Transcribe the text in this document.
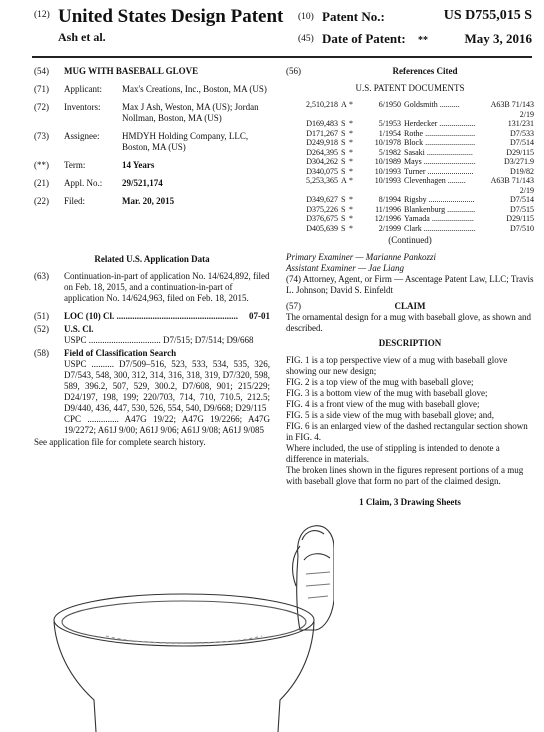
(12) United States Design Patent
Ash et al.
(10) Patent No.:	US D755,015 S
(45) Date of Patent: **	May 3, 2016
(54)	MUG WITH BASEBALL GLOVE
(71)	Applicant:	Max's Creations, Inc., Boston, MA (US)
(72)	Inventors:	Max J Ash, Weston, MA (US); Jordan Nollman, Boston, MA (US)
(73)	Assignee:	HMDYH Holding Company, LLC, Boston, MA (US)
(**)	Term:	14 Years
(21)	Appl. No.:	29/521,174
(22)	Filed:	Mar. 20, 2015
Related U.S. Application Data
(63)	Continuation-in-part of application No. 14/624,892, filed on Feb. 18, 2015, and a continuation-in-part of application No. 14/624,963, filed on Feb. 18, 2015.
(51)	LOC (10) Cl. ......................................................	07-01
(52)	U.S. Cl.
USPC ................................ D7/515; D7/514; D9/668
(58)	Field of Classification Search
USPC .......... D7/509–516, 523, 533, 534, 535, 326, D7/543, 548, 300, 312, 314, 316, 318, 319, D7/320, 598, 589, 396.2, 507, 529, 300.2, D7/608, 901; 215/229; D24/197, 198, 199; 220/703, 714, 710, 710.5, 212.5; D9/440, 436, 447, 530, 526, 554, 540, D9/668; D29/115
CPC .............. A47G 19/22; A47G 19/2266; A47G 19/2272; A61J 9/00; A61J 9/06; A61J 9/08; A61J 9/085
See application file for complete search history.
(56)	References Cited
U.S. PATENT DOCUMENTS
2,510,218 A *	6/1950 Goldsmith ..........	A63B 71/143
2/19
D169,483 S *	5/1953 Herdecker ..................	131/231
D171,267 S *	1/1954 Rothe .........................	D7/533
D249,918 S *	10/1978 Block .........................	D7/514
D264,395 S *	5/1982 Sasaki .......................	D29/115
D304,262 S *	10/1989 Mays ..........................	D3/271.9
D340,075 S *	10/1993 Turner .......................	D19/82
5,253,365 A *	10/1993 Clevenhagen .........	A63B 71/143
2/19
D349,627 S *	8/1994 Rigsby .......................	D7/514
D375,226 S *	11/1996 Blankenburg ..............	D7/515
D376,675 S *	12/1996 Yamada .....................	D29/115
D405,639 S *	2/1999 Clark ..........................	D7/510
(Continued)
Primary Examiner — Marianne Pankozzi
Assistant Examiner — Jae Liang
(74) Attorney, Agent, or Firm — Ascentage Patent Law, LLC; Travis L. Johnson; David S. Einfeldt
(57)	CLAIM
The ornamental design for a mug with baseball glove, as shown and described.
DESCRIPTION
FIG. 1 is a top perspective view of a mug with baseball glove showing our new design;
FIG. 2 is a top view of the mug with baseball glove;
FIG. 3 is a bottom view of the mug with baseball glove;
FIG. 4 is a front view of the mug with baseball glove;
FIG. 5 is a side view of the mug with baseball glove; and,
FIG. 6 is an enlarged view of the dashed rectangular section shown in FIG. 4.
Where included, the use of stippling is intended to denote a difference in materials.
The broken lines shown in the figures represent portions of a mug with baseball glove that form no part of the claimed design.
1 Claim, 3 Drawing Sheets
